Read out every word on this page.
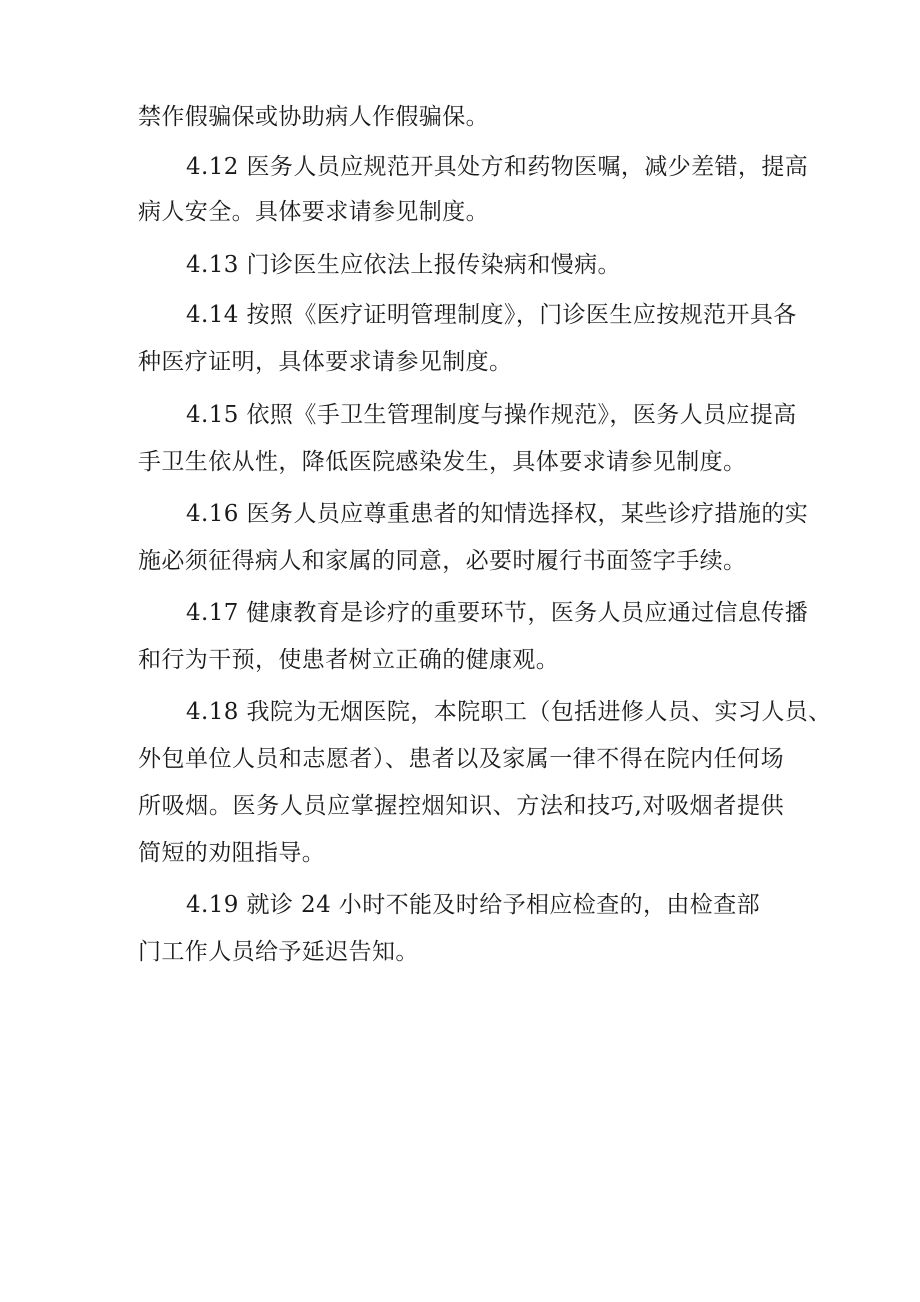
禁作假骗保或协助病人作假骗保。
4.12 医务人员应规范开具处方和药物医嘱，减少差错，提高
病人安全。具体要求请参见制度。
4.13 门诊医生应依法上报传染病和慢病。
4.14 按照《医疗证明管理制度》，门诊医生应按规范开具各
种医疗证明，具体要求请参见制度。
4.15 依照《手卫生管理制度与操作规范》，医务人员应提高
手卫生依从性，降低医院感染发生，具体要求请参见制度。
4.16 医务人员应尊重患者的知情选择权，某些诊疗措施的实
施必须征得病人和家属的同意，必要时履行书面签字手续。
4.17 健康教育是诊疗的重要环节，医务人员应通过信息传播
和行为干预，使患者树立正确的健康观。
4.18 我院为无烟医院，本院职工（包括进修人员、实习人员、
外包单位人员和志愿者）、患者以及家属一律不得在院内任何场
所吸烟。医务人员应掌握控烟知识、方法和技巧,对吸烟者提供
简短的劝阻指导。
4.19 就诊 24 小时不能及时给予相应检查的，由检查部
门工作人员给予延迟告知。
